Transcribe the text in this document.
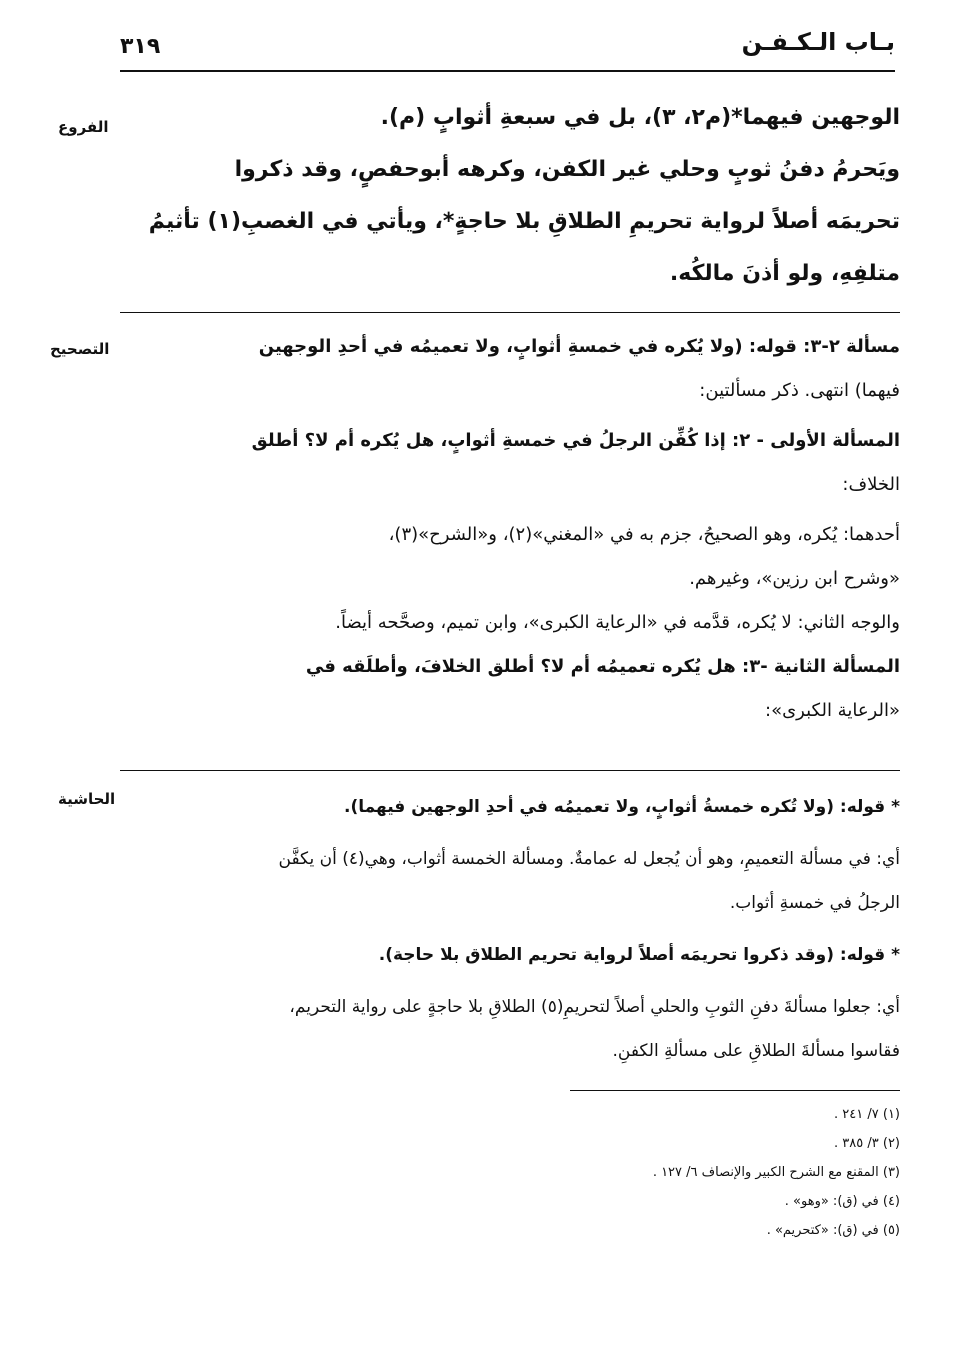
بـاب الـكـفـن
٣١٩
الفروع	الوجهين فيهما*(م٢، ٣)، بل في سبعةِ أثوابٍ (م).
ويَحرمُ دفنُ ثوبٍ وحلي غير الكفن، وكرهه أبوحفصٍ، وقد ذكروا
تحريمَه أصلاً لرواية تحريمِ الطلاقِ بلا حاجةٍ*، ويأتي في الغصبِ(١) تأثيمُ
متلفِهِ، ولو أذنَ مالكُه.
التصحيح	مسألة ٢-٣: قوله: (ولا يُكره في خمسةِ أثوابٍ، ولا تعميمُه في أحدِ الوجهين
فيهما) انتهى. ذكر مسألتين:
المسألة الأولى - ٢: إذا كُفِّن الرجلُ في خمسةِ أثوابٍ، هل يُكره أم لا؟ أطلق
الخلاف:
أحدهما: يُكره، وهو الصحيحُ، جزم به في «المغني»(٢)، و«الشرح»(٣)،
«وشرح ابن رزين»، وغيرهم.
والوجه الثاني: لا يُكره، قدَّمه في «الرعاية الكبرى»، وابن تميم، وصحَّحه أيضاً.
المسألة الثانية -٣: هل يُكره تعميمُه أم لا؟ أطلق الخلافَ، وأطلَقه في
«الرعاية الكبرى»:
الحاشية	* قوله: (ولا تُكره خمسةُ أثوابٍ، ولا تعميمُه في أحدِ الوجهين فيهما).
أي: في مسألة التعميمِ، وهو أن يُجعل له عمامةٌ. ومسألة الخمسة أثواب، وهي(٤) أن يكفَّن
الرجلُ في خمسةِ أثواب.
* قوله: (وقد ذكروا تحريمَه أصلاً لرواية تحريم الطلاق بلا حاجة).
أي: جعلوا مسألةَ دفنِ الثوبِ والحلي أصلاً لتحريمِ(٥) الطلاقِ بلا حاجةٍ على رواية التحريم،
فقاسوا مسألةَ الطلاقِ على مسألةِ الكفنِ.
(١) ٧/ ٢٤١ .
(٢) ٣/ ٣٨٥ .
(٣) المقنع مع الشرح الكبير والإنصاف ٦/ ١٢٧ .
(٤) في (ق): «وهو» .
(٥) في (ق): «كتحريم» .
